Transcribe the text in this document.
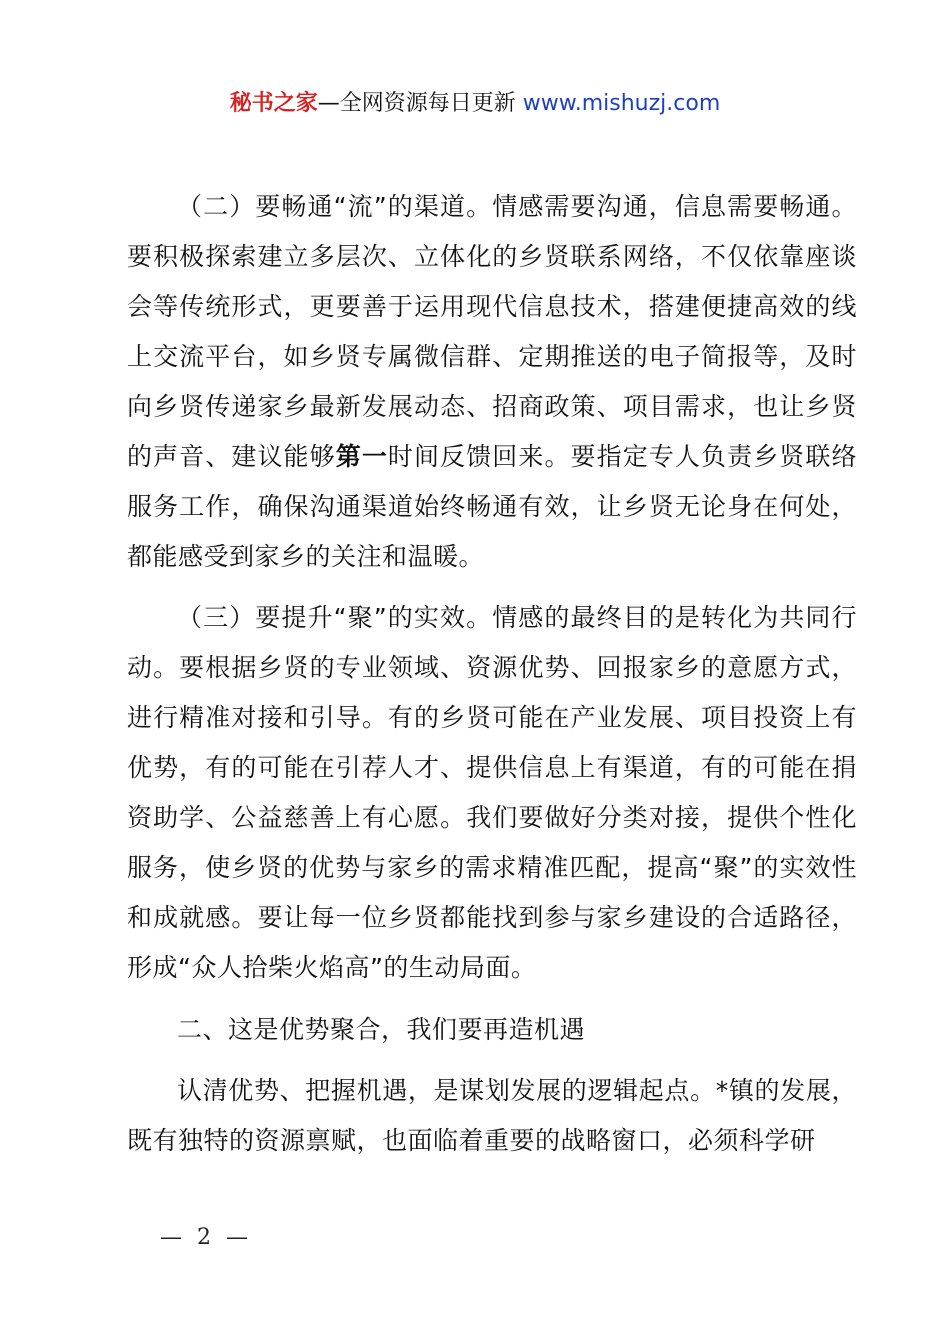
秘书之家—全网资源每日更新 www.mishuzj.com

（二）要畅通“流”的渠道。情感需要沟通，信息需要畅通。要积极探索建立多层次、立体化的乡贤联系网络，不仅依靠座谈会等传统形式，更要善于运用现代信息技术，搭建便捷高效的线上交流平台，如乡贤专属微信群、定期推送的电子简报等，及时向乡贤传递家乡最新发展动态、招商政策、项目需求，也让乡贤的声音、建议能够第一时间反馈回来。要指定专人负责乡贤联络服务工作，确保沟通渠道始终畅通有效，让乡贤无论身在何处，都能感受到家乡的关注和温暖。

（三）要提升“聚”的实效。情感的最终目的是转化为共同行动。要根据乡贤的专业领域、资源优势、回报家乡的意愿方式，进行精准对接和引导。有的乡贤可能在产业发展、项目投资上有优势，有的可能在引荐人才、提供信息上有渠道，有的可能在捐资助学、公益慈善上有心愿。我们要做好分类对接，提供个性化服务，使乡贤的优势与家乡的需求精准匹配，提高“聚”的实效性和成就感。要让每一位乡贤都能找到参与家乡建设的合适路径，形成“众人拾柴火焰高”的生动局面。

二、这是优势聚合，我们要再造机遇

认清优势、把握机遇，是谋划发展的逻辑起点。*镇的发展，既有独特的资源禀赋，也面临着重要的战略窗口，必须科学研

— 2 —
